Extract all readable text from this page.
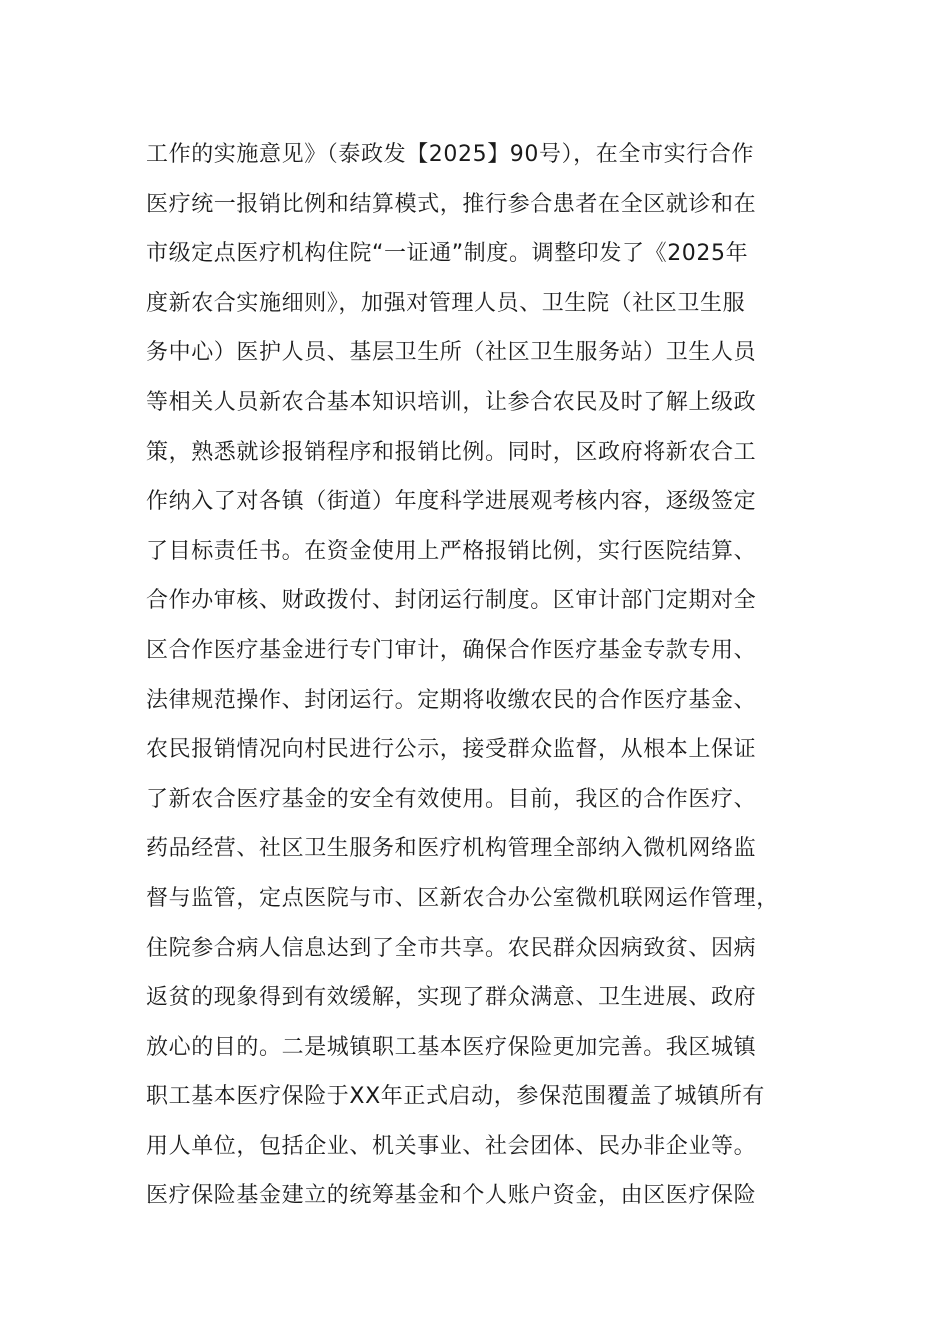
工作的实施意见》（泰政发【2025】90号），在全市实行合作
医疗统一报销比例和结算模式，推行参合患者在全区就诊和在
市级定点医疗机构住院“一证通”制度。调整印发了《2025年
度新农合实施细则》，加强对管理人员、卫生院（社区卫生服
务中心）医护人员、基层卫生所（社区卫生服务站）卫生人员
等相关人员新农合基本知识培训，让参合农民及时了解上级政
策，熟悉就诊报销程序和报销比例。同时，区政府将新农合工
作纳入了对各镇（街道）年度科学进展观考核内容，逐级签定
了目标责任书。在资金使用上严格报销比例，实行医院结算、
合作办审核、财政拨付、封闭运行制度。区审计部门定期对全
区合作医疗基金进行专门审计，确保合作医疗基金专款专用、
法律规范操作、封闭运行。定期将收缴农民的合作医疗基金、
农民报销情况向村民进行公示，接受群众监督，从根本上保证
了新农合医疗基金的安全有效使用。目前，我区的合作医疗、
药品经营、社区卫生服务和医疗机构管理全部纳入微机网络监
督与监管，定点医院与市、区新农合办公室微机联网运作管理，
住院参合病人信息达到了全市共享。农民群众因病致贫、因病
返贫的现象得到有效缓解，实现了群众满意、卫生进展、政府
放心的目的。二是城镇职工基本医疗保险更加完善。我区城镇
职工基本医疗保险于XX年正式启动，参保范围覆盖了城镇所有
用人单位，包括企业、机关事业、社会团体、民办非企业等。
医疗保险基金建立的统筹基金和个人账户资金，由区医疗保险
